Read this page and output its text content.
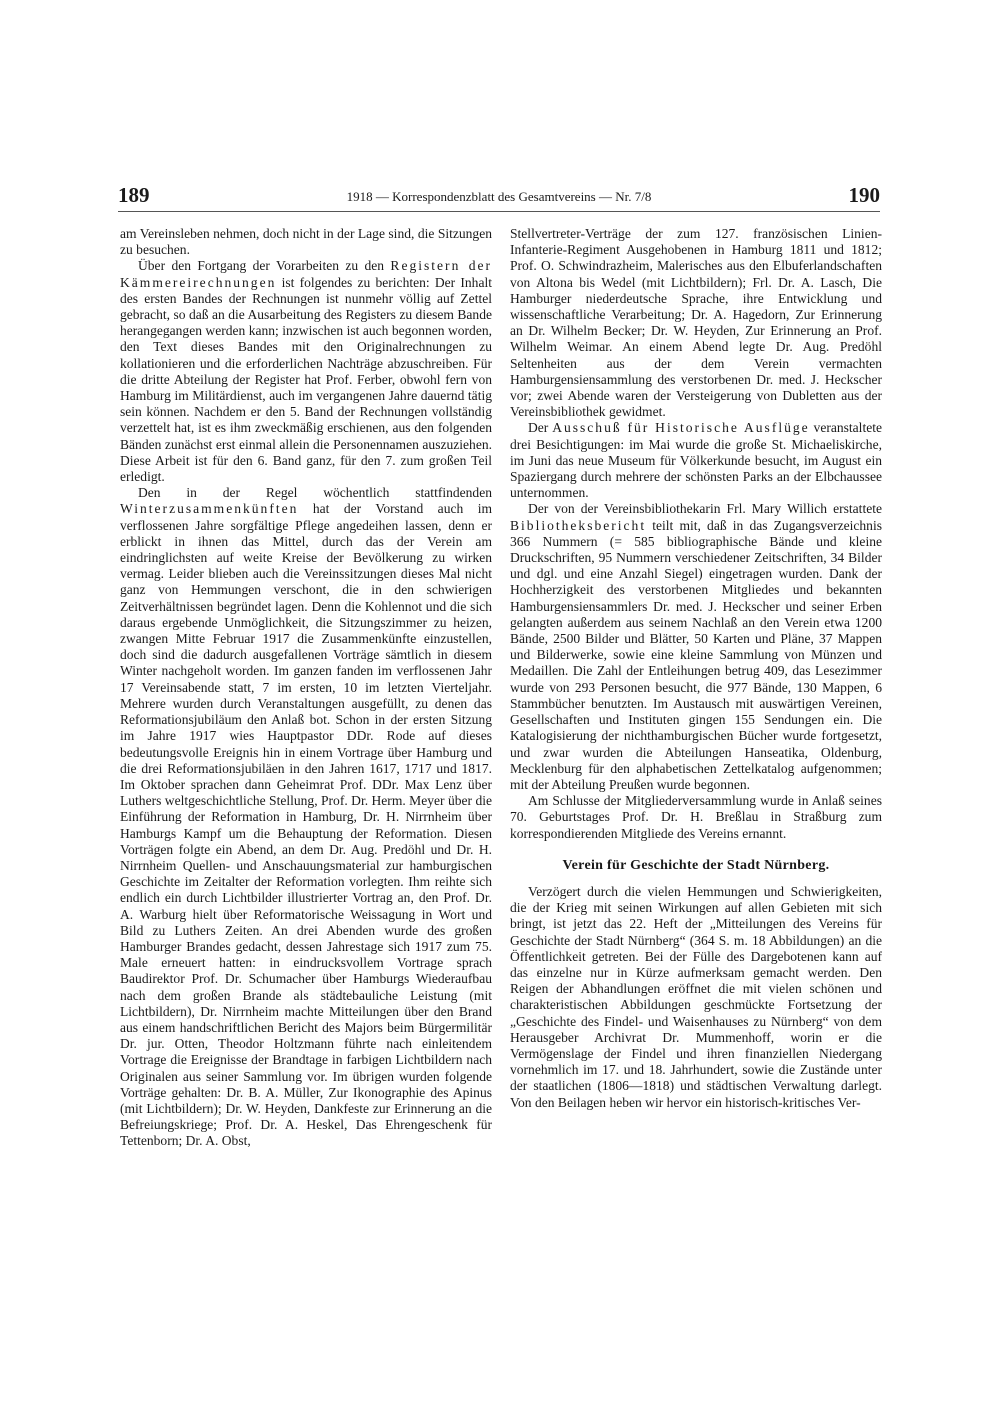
189	1918 — Korrespondenzblatt des Gesamtvereins — Nr. 7/8	190

am Vereinsleben nehmen, doch nicht in der Lage sind, die Sitzungen zu besuchen.

Über den Fortgang der Vorarbeiten zu den Registern der Kämmereirechnungen ist folgendes zu berichten: Der Inhalt des ersten Bandes der Rechnungen ist nunmehr völlig auf Zettel gebracht, so daß an die Ausarbeitung des Registers zu diesem Bande herangegangen werden kann; inzwischen ist auch begonnen worden, den Text dieses Bandes mit den Originalrechnungen zu kollationieren und die erforderlichen Nachträge abzuschreiben. Für die dritte Abteilung der Register hat Prof. Ferber, obwohl fern von Hamburg im Militärdienst, auch im vergangenen Jahre dauernd tätig sein können. Nachdem er den 5. Band der Rechnungen vollständig verzettelt hat, ist es ihm zweckmäßig erschienen, aus den folgenden Bänden zunächst erst einmal allein die Personennamen auszuziehen. Diese Arbeit ist für den 6. Band ganz, für den 7. zum großen Teil erledigt.

Den in der Regel wöchentlich stattfindenden Winterzusammenkünften hat der Vorstand auch im verflossenen Jahre sorgfältige Pflege angedeihen lassen, denn er erblickt in ihnen das Mittel, durch das der Verein am eindringlichsten auf weite Kreise der Bevölkerung zu wirken vermag. Leider blieben auch die Vereinssitzungen dieses Mal nicht ganz von Hemmungen verschont, die in den schwierigen Zeitverhältnissen begründet lagen. Denn die Kohlennot und die sich daraus ergebende Unmöglichkeit, die Sitzungszimmer zu heizen, zwangen Mitte Februar 1917 die Zusammenkünfte einzustellen, doch sind die dadurch ausgefallenen Vorträge sämtlich in diesem Winter nachgeholt worden. Im ganzen fanden im verflossenen Jahr 17 Vereinsabende statt, 7 im ersten, 10 im letzten Vierteljahr. Mehrere wurden durch Veranstaltungen ausgefüllt, zu denen das Reformationsjubiläum den Anlaß bot. Schon in der ersten Sitzung im Jahre 1917 wies Hauptpastor DDr. Rode auf dieses bedeutungsvolle Ereignis hin in einem Vortrage über Hamburg und die drei Reformationsjubiläen in den Jahren 1617, 1717 und 1817. Im Oktober sprachen dann Geheimrat Prof. DDr. Max Lenz über Luthers weltgeschichtliche Stellung, Prof. Dr. Herm. Meyer über die Einführung der Reformation in Hamburg, Dr. H. Nirrnheim über Hamburgs Kampf um die Behauptung der Reformation. Diesen Vorträgen folgte ein Abend, an dem Dr. Aug. Predöhl und Dr. H. Nirrnheim Quellen- und Anschauungsmaterial zur hamburgischen Geschichte im Zeitalter der Reformation vorlegten. Ihm reihte sich endlich ein durch Lichtbilder illustrierter Vortrag an, den Prof. Dr. A. Warburg hielt über Reformatorische Weissagung in Wort und Bild zu Luthers Zeiten. An drei Abenden wurde des großen Hamburger Brandes gedacht, dessen Jahrestage sich 1917 zum 75. Male erneuert hatten: in eindrucksvollem Vortrage sprach Baudirektor Prof. Dr. Schumacher über Hamburgs Wiederaufbau nach dem großen Brande als städtebauliche Leistung (mit Lichtbildern), Dr. Nirrnheim machte Mitteilungen über den Brand aus einem handschriftlichen Bericht des Majors beim Bürgermilitär Dr. jur. Otten, Theodor Holtzmann führte nach einleitendem Vortrage die Ereignisse der Brandtage in farbigen Lichtbildern nach Originalen aus seiner Sammlung vor. Im übrigen wurden folgende Vorträge gehalten: Dr. B. A. Müller, Zur Ikonographie des Apinus (mit Lichtbildern); Dr. W. Heyden, Dankfeste zur Erinnerung an die Befreiungskriege; Prof. Dr. A. Heskel, Das Ehrengeschenk für Tettenborn; Dr. A. Obst,

Stellvertreter-Verträge der zum 127. französischen Linien-Infanterie-Regiment Ausgehobenen in Hamburg 1811 und 1812; Prof. O. Schwindrazheim, Malerisches aus den Elbuferlandschaften von Altona bis Wedel (mit Lichtbildern); Frl. Dr. A. Lasch, Die Hamburger niederdeutsche Sprache, ihre Entwicklung und wissenschaftliche Verarbeitung; Dr. A. Hagedorn, Zur Erinnerung an Dr. Wilhelm Becker; Dr. W. Heyden, Zur Erinnerung an Prof. Wilhelm Weimar. An einem Abend legte Dr. Aug. Predöhl Seltenheiten aus der dem Verein vermachten Hamburgensiensammlung des verstorbenen Dr. med. J. Heckscher vor; zwei Abende waren der Versteigerung von Dubletten aus der Vereinsbibliothek gewidmet.

Der Ausschuß für Historische Ausflüge veranstaltete drei Besichtigungen: im Mai wurde die große St. Michaeliskirche, im Juni das neue Museum für Völkerkunde besucht, im August ein Spaziergang durch mehrere der schönsten Parks an der Elbchaussee unternommen.

Der von der Vereinsbibliothekarin Frl. Mary Willich erstattete Bibliotheksbericht teilt mit, daß in das Zugangsverzeichnis 366 Nummern (= 585 bibliographische Bände und kleine Druckschriften, 95 Nummern verschiedener Zeitschriften, 34 Bilder und dgl. und eine Anzahl Siegel) eingetragen wurden. Dank der Hochherzigkeit des verstorbenen Mitgliedes und bekannten Hamburgensiensammlers Dr. med. J. Heckscher und seiner Erben gelangten außerdem aus seinem Nachlaß an den Verein etwa 1200 Bände, 2500 Bilder und Blätter, 50 Karten und Pläne, 37 Mappen und Bilderwerke, sowie eine kleine Sammlung von Münzen und Medaillen. Die Zahl der Entleihungen betrug 409, das Lesezimmer wurde von 293 Personen besucht, die 977 Bände, 130 Mappen, 6 Stammbücher benutzten. Im Austausch mit auswärtigen Vereinen, Gesellschaften und Instituten gingen 155 Sendungen ein. Die Katalogisierung der nichthamburgischen Bücher wurde fortgesetzt, und zwar wurden die Abteilungen Hanseatika, Oldenburg, Mecklenburg für den alphabetischen Zettelkatalog aufgenommen; mit der Abteilung Preußen wurde begonnen.

Am Schlusse der Mitgliederversammlung wurde in Anlaß seines 70. Geburtstages Prof. Dr. H. Breßlau in Straßburg zum korrespondierenden Mitgliede des Vereins ernannt.

Verein für Geschichte der Stadt Nürnberg.

Verzögert durch die vielen Hemmungen und Schwierigkeiten, die der Krieg mit seinen Wirkungen auf allen Gebieten mit sich bringt, ist jetzt das 22. Heft der „Mitteilungen des Vereins für Geschichte der Stadt Nürnberg“ (364 S. m. 18 Abbildungen) an die Öffentlichkeit getreten. Bei der Fülle des Dargebotenen kann auf das einzelne nur in Kürze aufmerksam gemacht werden. Den Reigen der Abhandlungen eröffnet die mit vielen schönen und charakteristischen Abbildungen geschmückte Fortsetzung der „Geschichte des Findel- und Waisenhauses zu Nürnberg“ von dem Herausgeber Archivrat Dr. Mummenhoff, worin er die Vermögenslage der Findel und ihren finanziellen Niedergang vornehmlich im 17. und 18. Jahrhundert, sowie die Zustände unter der staatlichen (1806—1818) und städtischen Verwaltung darlegt. Von den Beilagen heben wir hervor ein historisch-kritisches Ver-
